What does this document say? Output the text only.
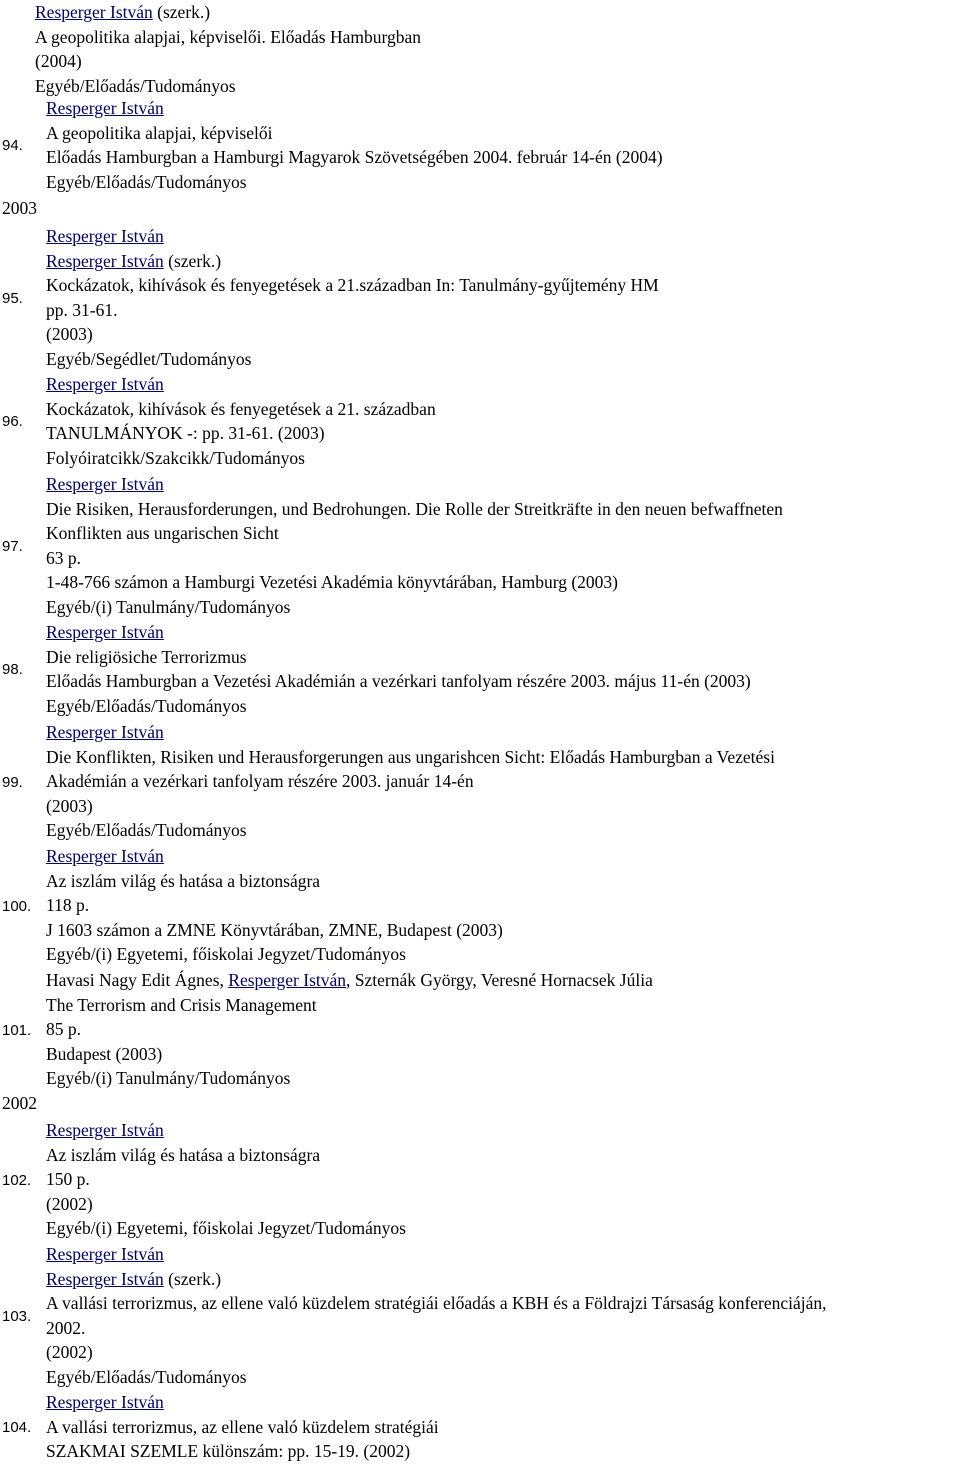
Resperger István (szerk.)
A geopolitika alapjai, képviselői. Előadás Hamburgban
(2004)
Egyéb/Előadás/Tudományos
94.
Resperger István
A geopolitika alapjai, képviselői
Előadás Hamburgban a Hamburgi Magyarok Szövetségében 2004. február 14-én (2004)
Egyéb/Előadás/Tudományos
2003
95.
Resperger István
Resperger István (szerk.)
Kockázatok, kihívások és fenyegetések a 21.században In: Tanulmány-gyűjtemény HM
pp. 31-61.
(2003)
Egyéb/Segédlet/Tudományos
96.
Resperger István
Kockázatok, kihívások és fenyegetések a 21. században
TANULMÁNYOK -: pp. 31-61. (2003)
Folyóiratcikk/Szakcikk/Tudományos
97.
Resperger István
Die Risiken, Herausforderungen, und Bedrohungen. Die Rolle der Streitkräfte in den neuen befwaffneten
Konflikten aus ungarischen Sicht
63 p.
1-48-766 számon a Hamburgi Vezetési Akadémia könyvtárában, Hamburg (2003)
Egyéb/(i) Tanulmány/Tudományos
98.
Resperger István
Die religiösiche Terrorizmus
Előadás Hamburgban a Vezetési Akadémián a vezérkari tanfolyam részére 2003. május 11-én (2003)
Egyéb/Előadás/Tudományos
99.
Resperger István
Die Konflikten, Risiken und Herausforgerungen aus ungarishcen Sicht: Előadás Hamburgban a Vezetési
Akadémián a vezérkari tanfolyam részére 2003. január 14-én
(2003)
Egyéb/Előadás/Tudományos
100.
Resperger István
Az iszlám világ és hatása a biztonságra
118 p.
J 1603 számon a ZMNE Könyvtárában, ZMNE, Budapest (2003)
Egyéb/(i) Egyetemi, főiskolai Jegyzet/Tudományos
101.
Havasi Nagy Edit Ágnes, Resperger István, Szternák György, Veresné Hornacsek Júlia
The Terrorism and Crisis Management
85 p.
Budapest (2003)
Egyéb/(i) Tanulmány/Tudományos
2002
102.
Resperger István
Az iszlám világ és hatása a biztonságra
150 p.
(2002)
Egyéb/(i) Egyetemi, főiskolai Jegyzet/Tudományos
103.
Resperger István
Resperger István (szerk.)
A vallási terrorizmus, az ellene való küzdelem stratégiái előadás a KBH és a Földrajzi Társaság konferenciáján,
2002.
(2002)
Egyéb/Előadás/Tudományos
104.
Resperger István
A vallási terrorizmus, az ellene való küzdelem stratégiái
SZAKMAI SZEMLE különszám: pp. 15-19. (2002)
